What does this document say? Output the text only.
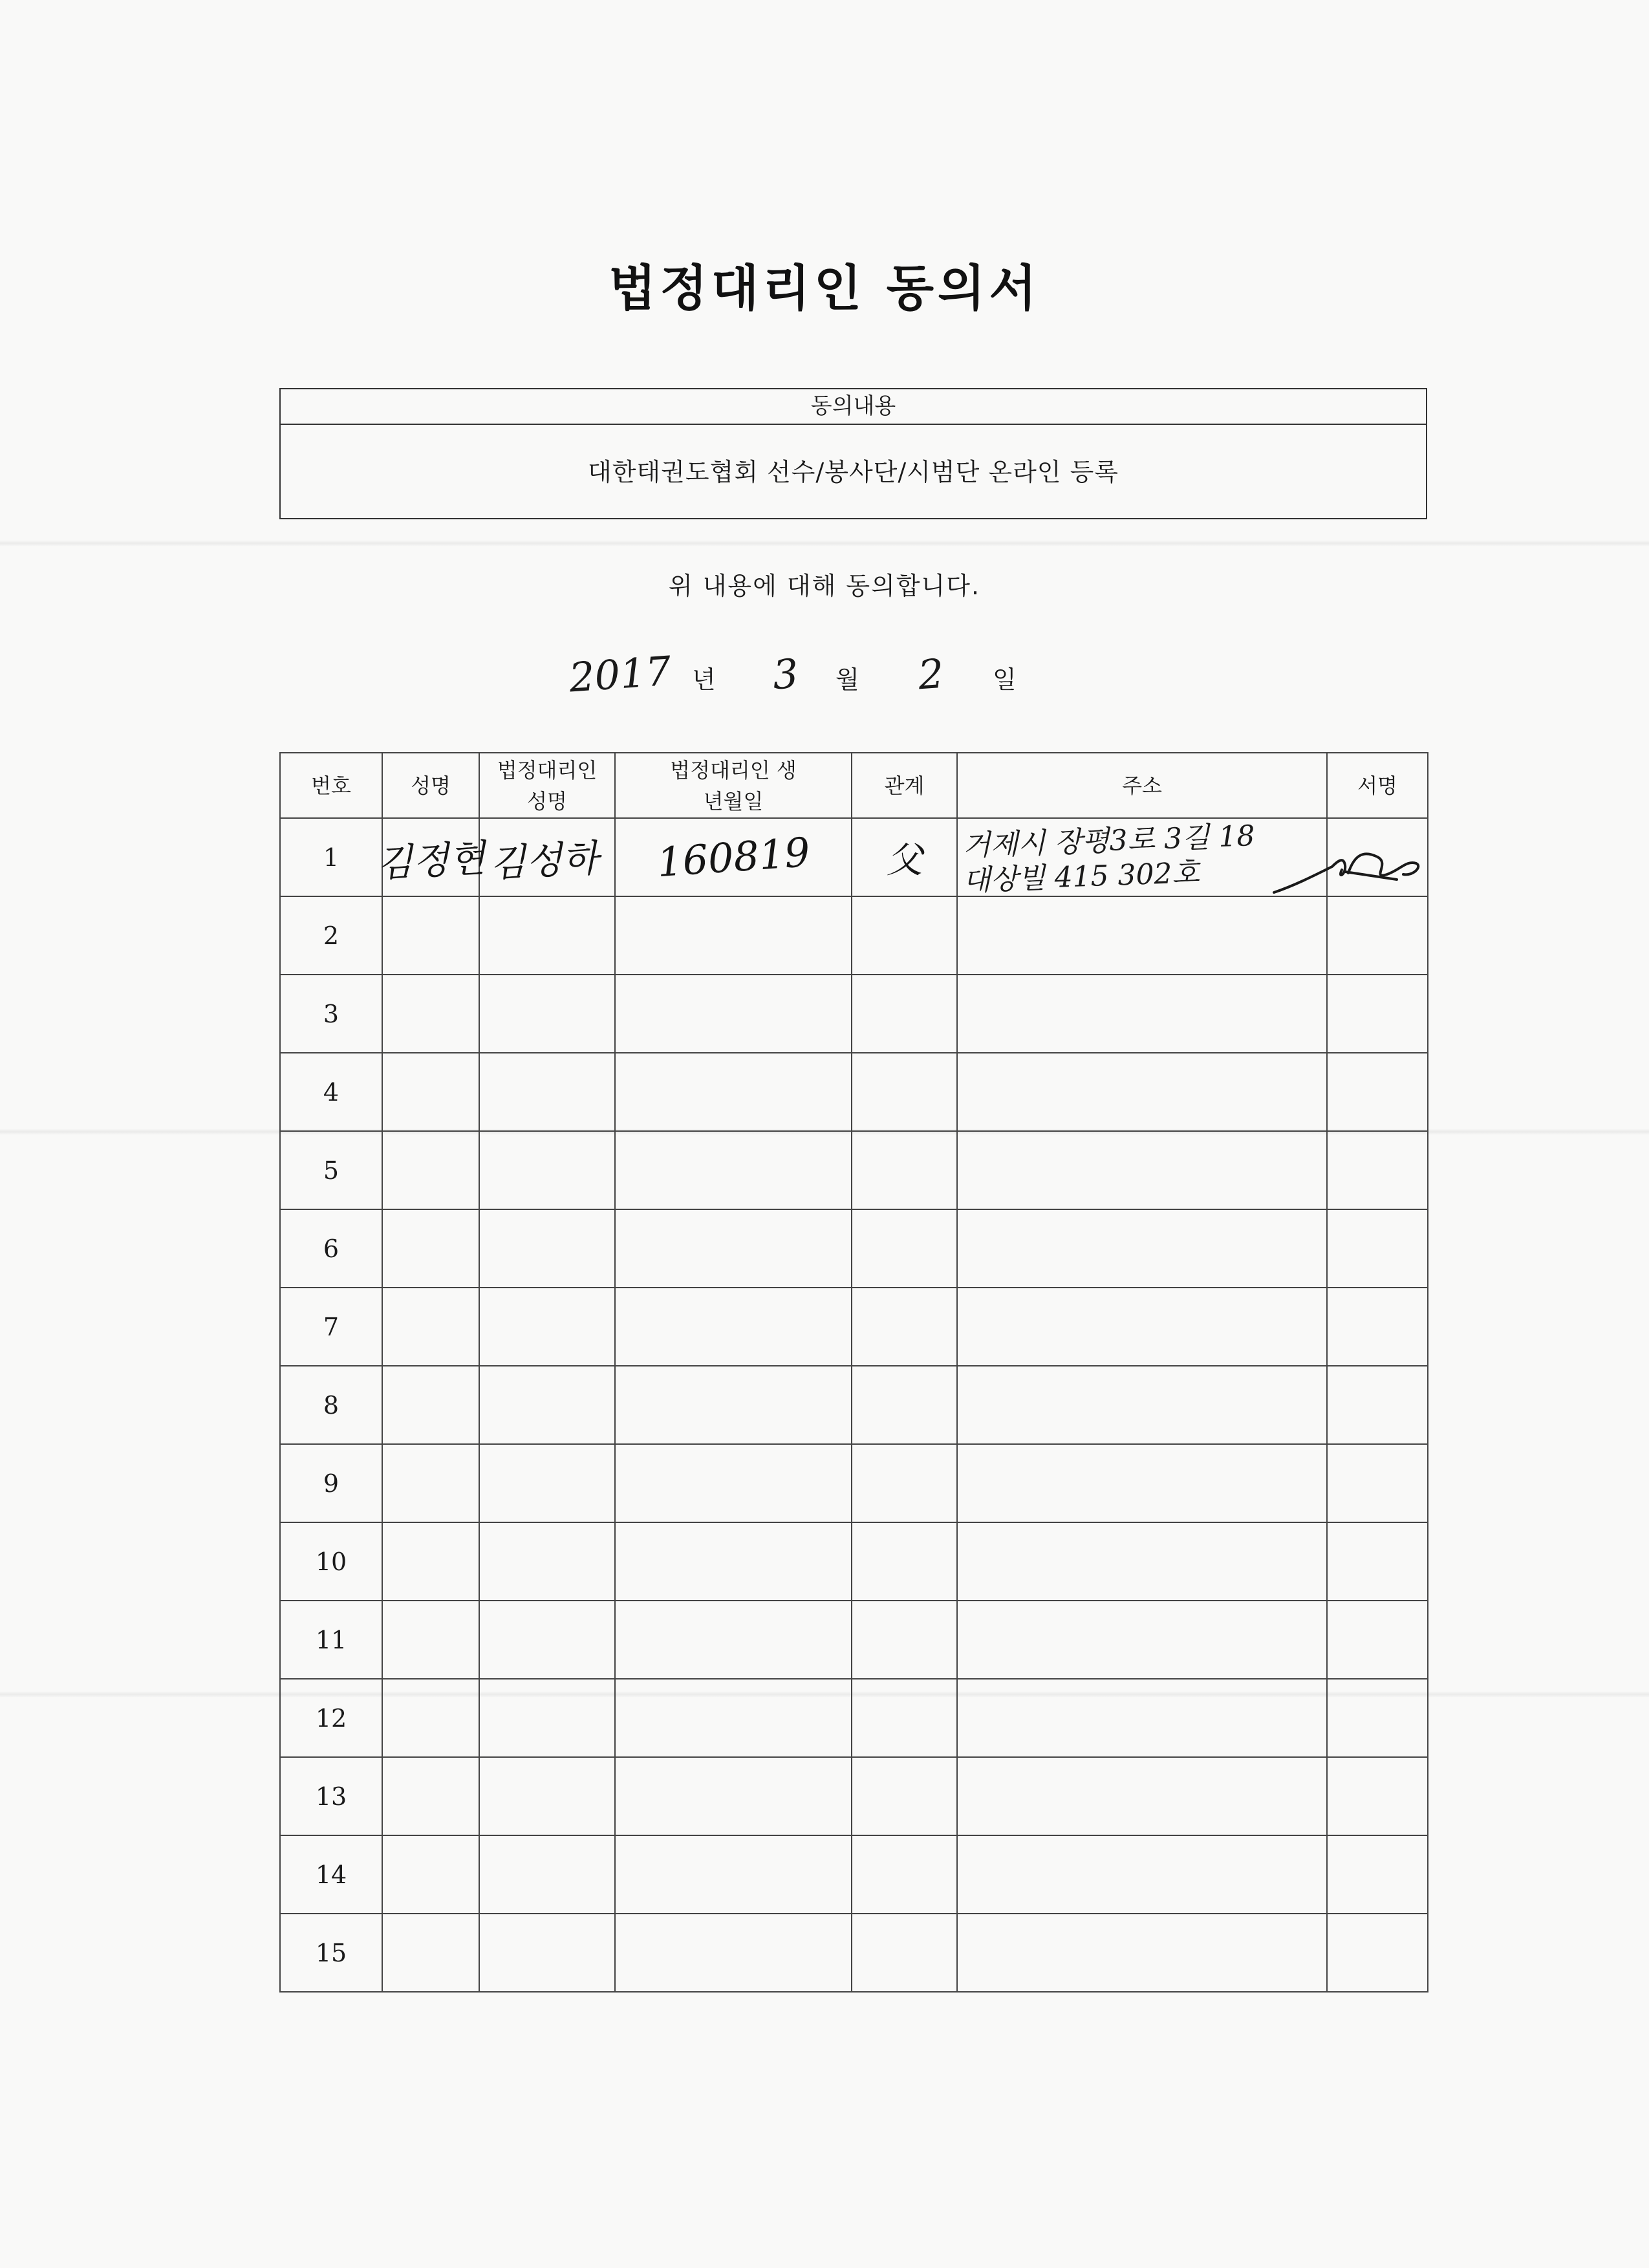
법정대리인 동의서
동의내용
대한태권도협회 선수/봉사단/시범단 온라인 등록
위 내용에 대해 동의합니다.
2017 년 3 월 2 일
번호	성명	법정대리인 성명	법정대리인 생년월일	관계	주소	서명
1	김정현	김성하	160819	父	거제시 장평3로 3길 18
대상빌 415 302호	

2						
3						
4						
5						
6						
7						
8						
9						
10						
11						
12						
13						
14						
15						
